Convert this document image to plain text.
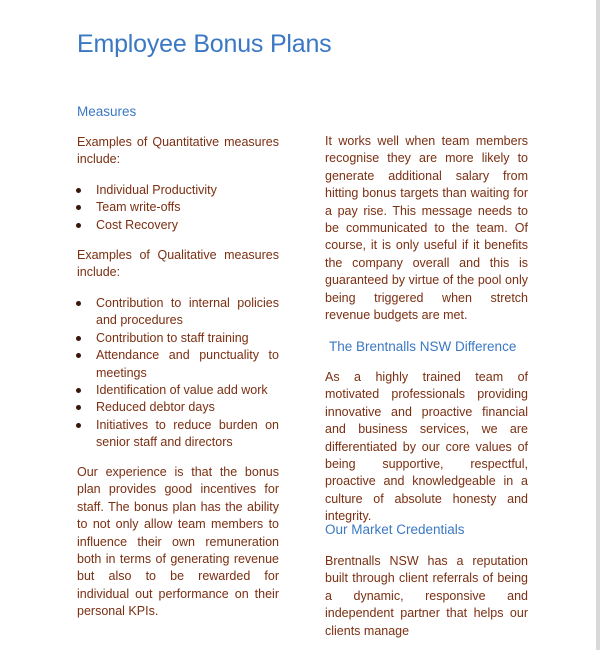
Employee Bonus Plans
Measures

Examples of Quantitative measures include:

Individual Productivity
Team write-offs
Cost Recovery

Examples of Qualitative measures include:

Contribution to internal policies and procedures
Contribution to staff training
Attendance and punctuality to meetings
Identification of value add work
Reduced debtor days
Initiatives to reduce burden on senior staff and directors

Our experience is that the bonus plan provides good incentives for staff. The bonus plan has the ability to not only allow team members to influence their own remuneration both in terms of generating revenue but also to be rewarded for individual out performance on their personal KPIs.

It works well when team members recognise they are more likely to generate additional salary from hitting bonus targets than waiting for a pay rise. This message needs to be communicated to the team. Of course, it is only useful if it benefits the company overall and this is guaranteed by virtue of the pool only being triggered when stretch revenue budgets are met.

The Brentnalls NSW Difference

As a highly trained team of motivated professionals providing innovative and proactive financial and business services, we are differentiated by our core values of being supportive, respectful, proactive and knowledgeable in a culture of absolute honesty and integrity.

Our Market Credentials

Brentnalls NSW has a reputation built through client referrals of being a dynamic, responsive and independent partner that helps our clients manage
